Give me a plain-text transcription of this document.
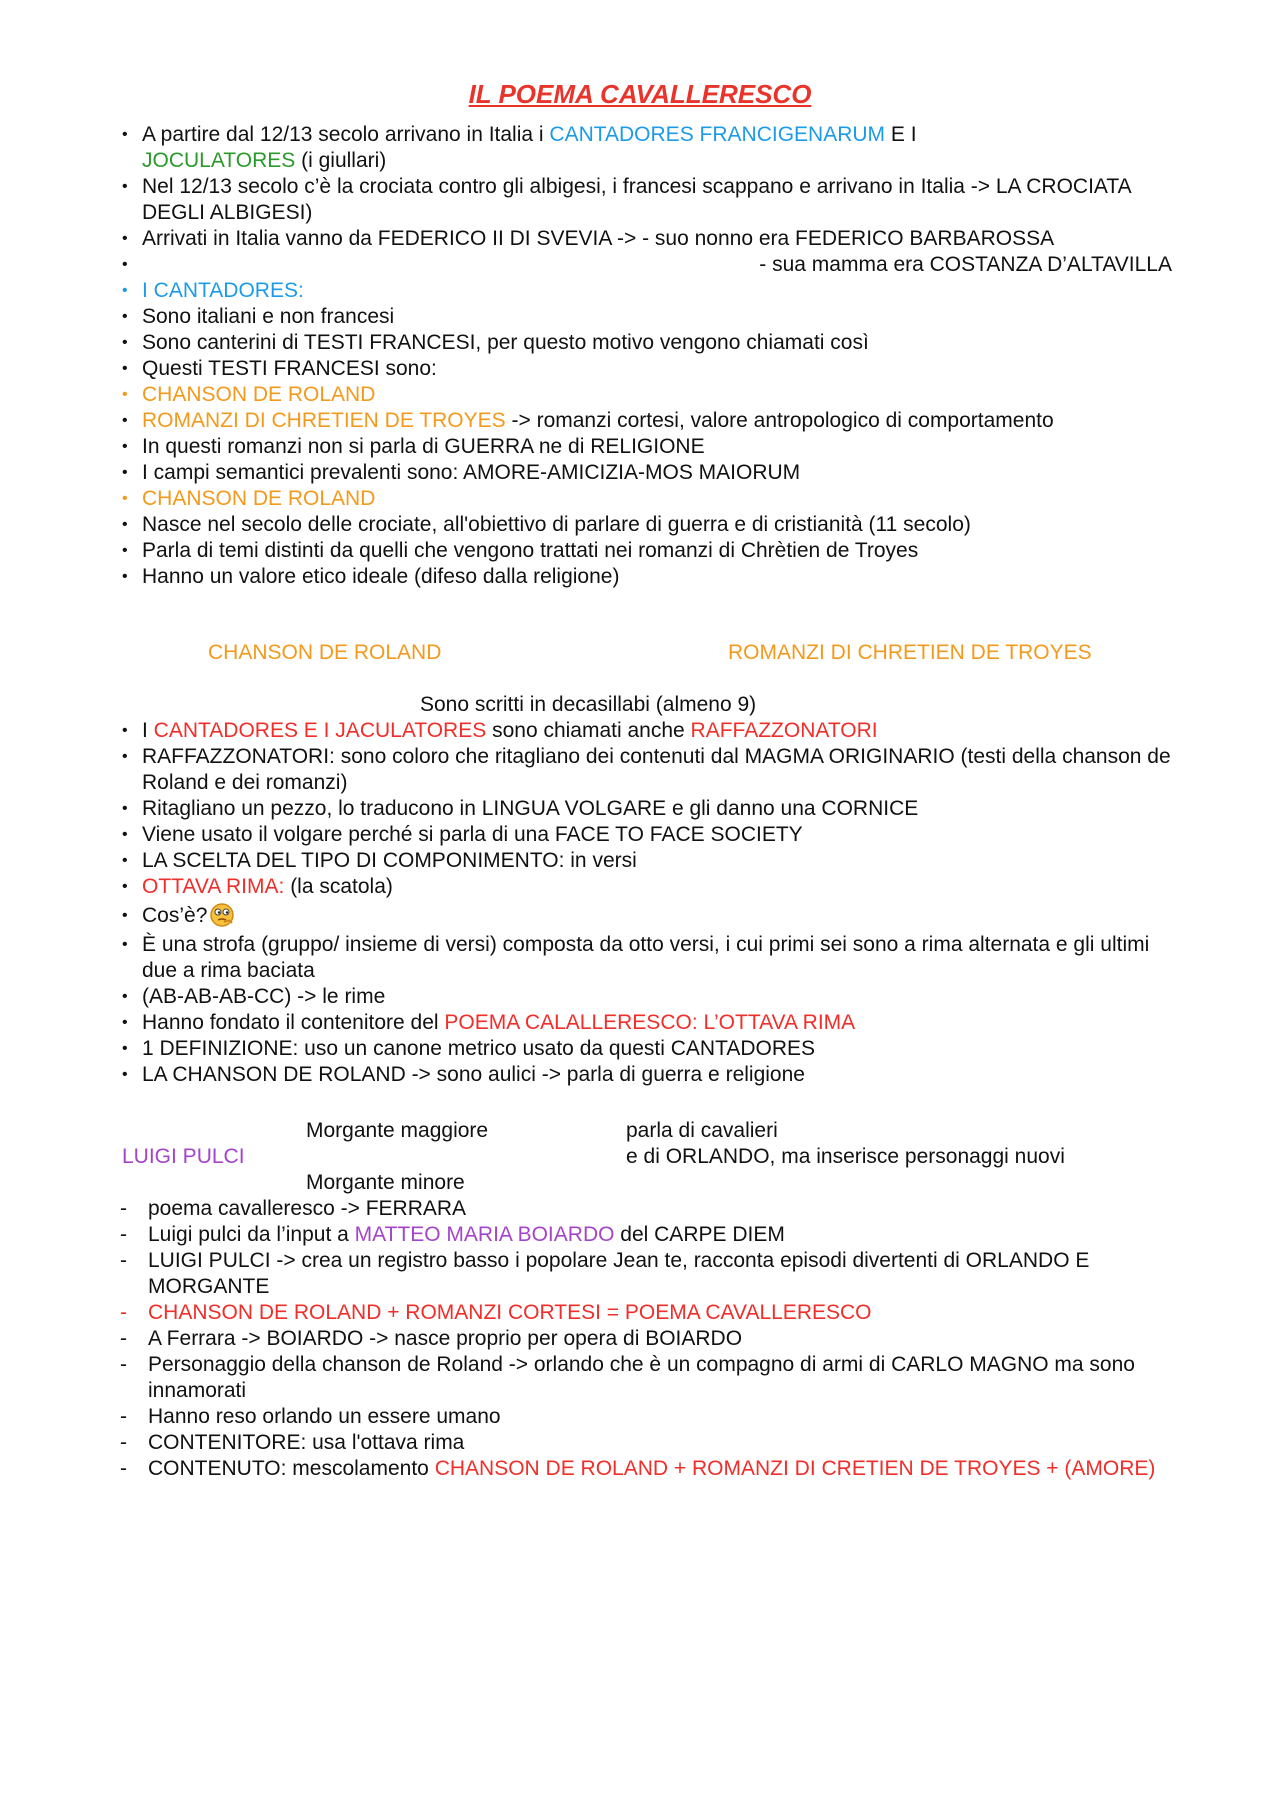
IL POEMA CAVALLERESCO
• A partire dal 12/13 secolo arrivano in Italia i CANTADORES FRANCIGENARUM E I
JOCULATORES (i giullari)
• Nel 12/13 secolo c’è la crociata contro gli albigesi, i francesi scappano e arrivano in Italia -> LA CROCIATA DEGLI ALBIGESI)
• Arrivati in Italia vanno da FEDERICO II DI SVEVIA -> - suo nonno era FEDERICO BARBAROSSA
•	- sua mamma era COSTANZA D’ALTAVILLA
• I CANTADORES:
• Sono italiani e non francesi
• Sono canterini di TESTI FRANCESI, per questo motivo vengono chiamati così
• Questi TESTI FRANCESI sono:
• CHANSON DE ROLAND
• ROMANZI DI CHRETIEN DE TROYES -> romanzi cortesi, valore antropologico di comportamento
• In questi romanzi non si parla di GUERRA ne di RELIGIONE
• I campi semantici prevalenti sono: AMORE-AMICIZIA-MOS MAIORUM
• CHANSON DE ROLAND
• Nasce nel secolo delle crociate, all'obiettivo di parlare di guerra e di cristianità (11 secolo)
• Parla di temi distinti da quelli che vengono trattati nei romanzi di Chrètien de Troyes
• Hanno un valore etico ideale (difeso dalla religione)
CHANSON DE ROLAND	ROMANZI DI CHRETIEN DE TROYES
Sono scritti in decasillabi (almeno 9)
• I CANTADORES E I JACULATORES sono chiamati anche RAFFAZZONATORI
• RAFFAZZONATORI: sono coloro che ritagliano dei contenuti dal MAGMA ORIGINARIO (testi della chanson de Roland e dei romanzi)
• Ritagliano un pezzo, lo traducono in LINGUA VOLGARE e gli danno una CORNICE
• Viene usato il volgare perché si parla di una FACE TO FACE SOCIETY
• LA SCELTA DEL TIPO DI COMPONIMENTO: in versi
• OTTAVA RIMA: (la scatola)
• Cos’è?
• È una strofa (gruppo/ insieme di versi) composta da otto versi, i cui primi sei sono a rima alternata e gli ultimi due a rima baciata
• (AB-AB-AB-CC) -> le rime
• Hanno fondato il contenitore del POEMA CALALLERESCO: L’OTTAVA RIMA
• 1 DEFINIZIONE: uso un canone metrico usato da questi CANTADORES
• LA CHANSON DE ROLAND -> sono aulici -> parla di guerra e religione
Morgante maggiore	parla di cavalieri
LUIGI PULCI	e di ORLANDO, ma inserisce personaggi nuovi
Morgante minore
-	poema cavalleresco -> FERRARA
-	Luigi pulci da l’input a MATTEO MARIA BOIARDO del CARPE DIEM
-	LUIGI PULCI -> crea un registro basso i popolare Jean te, racconta episodi divertenti di ORLANDO E MORGANTE
-	CHANSON DE ROLAND + ROMANZI CORTESI = POEMA CAVALLERESCO
-	A Ferrara -> BOIARDO -> nasce proprio per opera di BOIARDO
-	Personaggio della chanson de Roland -> orlando che è un compagno di armi di CARLO MAGNO ma sono innamorati
-	Hanno reso orlando un essere umano
-	CONTENITORE: usa l'ottava rima
-	CONTENUTO: mescolamento CHANSON DE ROLAND + ROMANZI DI CRETIEN DE TROYES + (AMORE)
